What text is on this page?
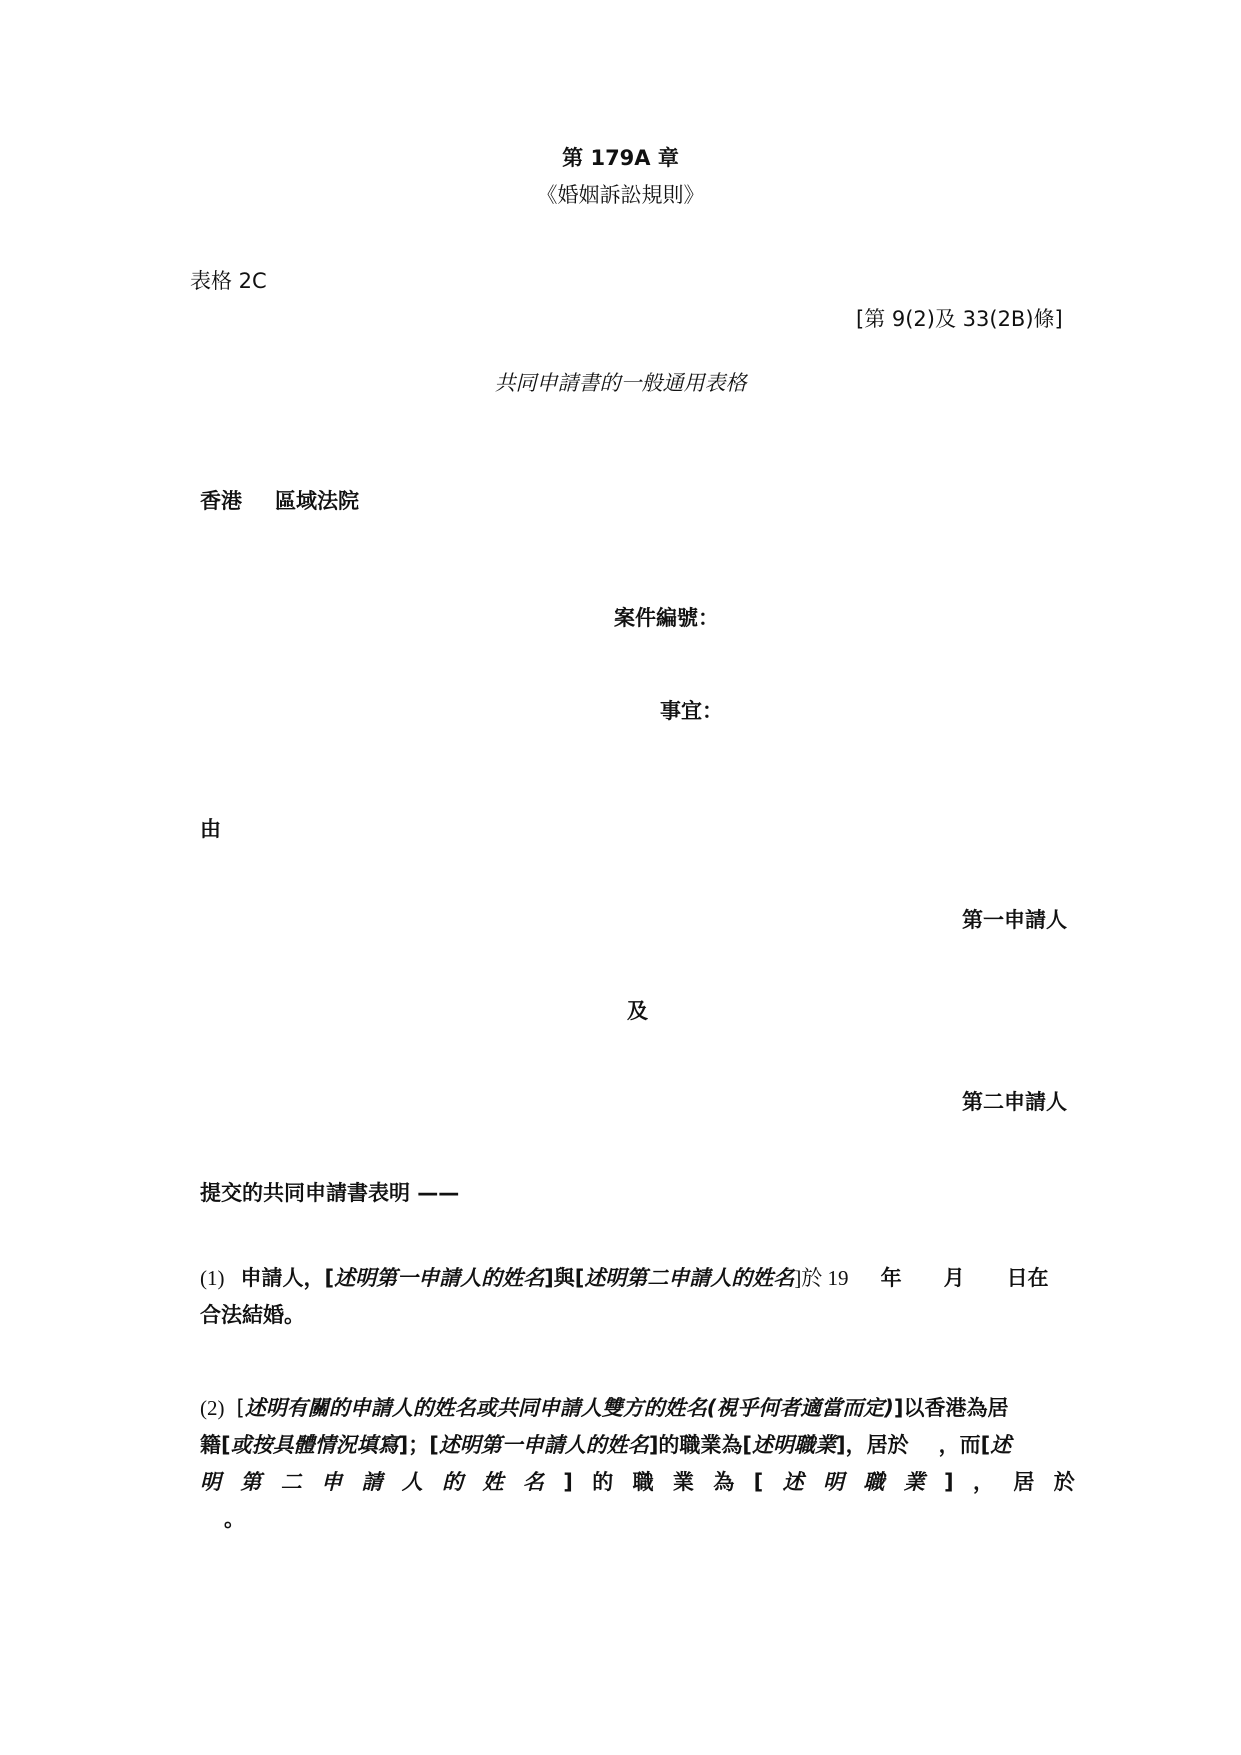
第 179A 章
《婚姻訴訟規則》
表格 2C
[第 9(2)及 33(2B)條]
共同申請書的一般通用表格
香港 區域法院
案件編號：
事宜：
由
第一申請人
及
第二申請人
提交的共同申請書表明 ——
(1) 申請人，[述明第一申請人的姓名]與[述明第二申請人的姓名]於 19 年 月 日在
合法結婚。
(2) [述明有關的申請人的姓名或共同申請人雙方的姓名(視乎何者適當而定)]以香港為居
籍[或按具體情況填寫]；[述明第一申請人的姓名]的職業為[述明職業]，居於 ，而[述
明 第 二 申 請 人 的 姓 名 ] 的 職 業 為 [ 述 明 職 業 ] ， 居 於
。
